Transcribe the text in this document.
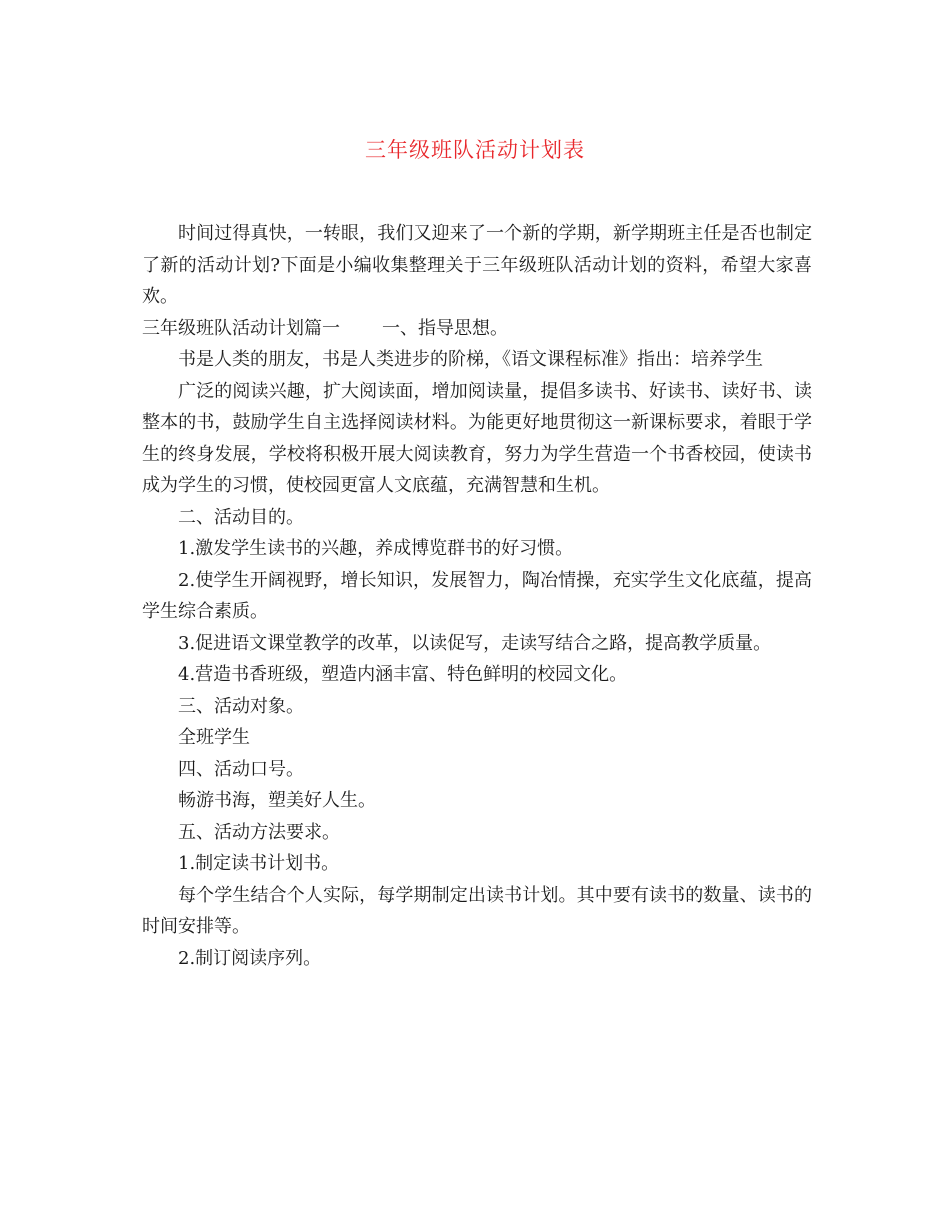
三年级班队活动计划表

时间过得真快，一转眼，我们又迎来了一个新的学期，新学期班主任是否也制定了新的活动计划?下面是小编收集整理关于三年级班队活动计划的资料，希望大家喜欢。

三年级班队活动计划篇一 一、指导思想。

书是人类的朋友，书是人类进步的阶梯，《语文课程标准》指出：培养学生

广泛的阅读兴趣，扩大阅读面，增加阅读量，提倡多读书、好读书、读好书、读整本的书，鼓励学生自主选择阅读材料。为能更好地贯彻这一新课标要求，着眼于学生的终身发展，学校将积极开展大阅读教育，努力为学生营造一个书香校园，使读书成为学生的习惯，使校园更富人文底蕴，充满智慧和生机。

二、活动目的。

1.激发学生读书的兴趣，养成博览群书的好习惯。

2.使学生开阔视野，增长知识，发展智力，陶冶情操，充实学生文化底蕴，提高学生综合素质。

3.促进语文课堂教学的改革，以读促写，走读写结合之路，提高教学质量。

4.营造书香班级，塑造内涵丰富、特色鲜明的校园文化。

三、活动对象。

全班学生

四、活动口号。

畅游书海，塑美好人生。

五、活动方法要求。

1.制定读书计划书。

每个学生结合个人实际，每学期制定出读书计划。其中要有读书的数量、读书的时间安排等。

2.制订阅读序列。
